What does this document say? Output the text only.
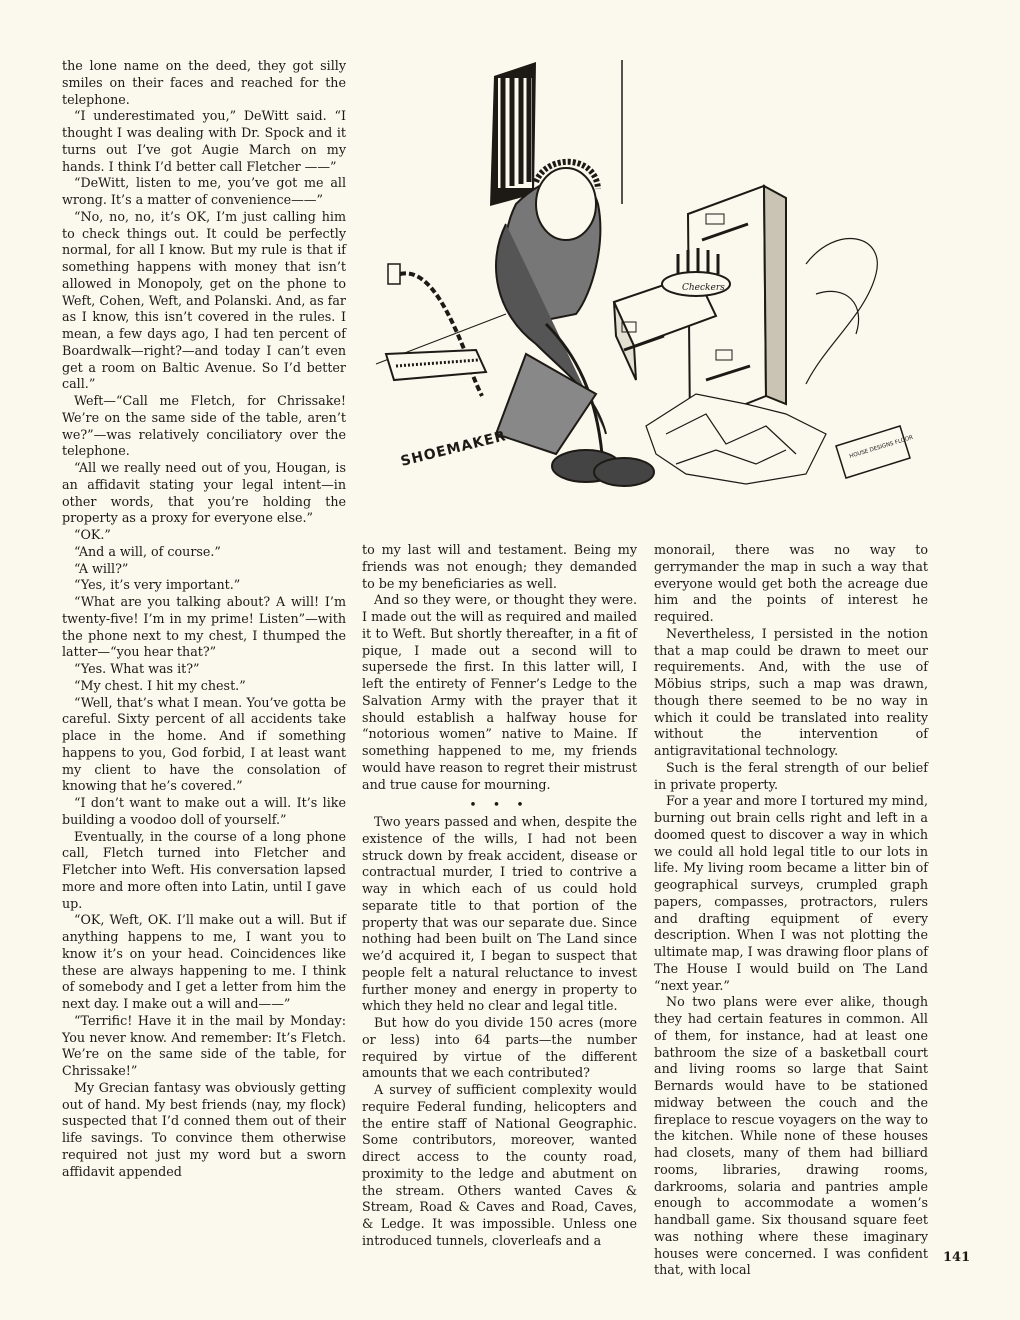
the lone name on the deed, they got silly smiles on their faces and reached for the telephone.

“I underestimated you,” DeWitt said. “I thought I was dealing with Dr. Spock and it turns out I’ve got Augie March on my hands. I think I’d better call Fletcher ——”

“DeWitt, listen to me, you’ve got me all wrong. It’s a matter of convenience——”

“No, no, no, it’s OK, I’m just calling him to check things out. It could be perfectly normal, for all I know. But my rule is that if something happens with money that isn’t allowed in Monopoly, get on the phone to Weft, Cohen, Weft, and Polanski. And, as far as I know, this isn’t covered in the rules. I mean, a few days ago, I had ten percent of Boardwalk—right?—and today I can’t even get a room on Baltic Avenue. So I’d better call.”

Weft—“Call me Fletch, for Chrissake! We’re on the same side of the table, aren’t we?”—was relatively conciliatory over the telephone.

“All we really need out of you, Hougan, is an affidavit stating your legal intent—in other words, that you’re holding the property as a proxy for everyone else.”

“OK.”

“And a will, of course.”

“A will?”

“Yes, it’s very important.”

“What are you talking about? A will! I’m twenty-five! I’m in my prime! Listen”—with the phone next to my chest, I thumped the latter—“you hear that?”

“Yes. What was it?”

“My chest. I hit my chest.”

“Well, that’s what I mean. You’ve gotta be careful. Sixty percent of all accidents take place in the home. And if something happens to you, God forbid, I at least want my client to have the consolation of knowing that he’s covered.”

“I don’t want to make out a will. It’s like building a voodoo doll of yourself.”

Eventually, in the course of a long phone call, Fletch turned into Fletcher and Fletcher into Weft. His conversation lapsed more and more often into Latin, until I gave up.

“OK, Weft, OK. I’ll make out a will. But if anything happens to me, I want you to know it’s on your head. Coincidences like these are always happening to me. I think of somebody and I get a letter from him the next day. I make out a will and——”

“Terrific! Have it in the mail by Monday: You never know. And remember: It’s Fletch. We’re on the same side of the table, for Chrissake!”

My Grecian fantasy was obviously getting out of hand. My best friends (nay, my flock) suspected that I’d conned them out of their life savings. To convince them otherwise required not just my word but a sworn affidavit appended

Checkers
HOUSE DESIGNS FLOOR
SHOEMAKER

to my last will and testament. Being my friends was not enough; they demanded to be my beneficiaries as well.

And so they were, or thought they were. I made out the will as required and mailed it to Weft. But shortly thereafter, in a fit of pique, I made out a second will to supersede the first. In this latter will, I left the entirety of Fenner’s Ledge to the Salvation Army with the prayer that it should establish a halfway house for “notorious women” native to Maine. If something happened to me, my friends would have reason to regret their mistrust and true cause for mourning.

• • •

Two years passed and when, despite the existence of the wills, I had not been struck down by freak accident, disease or contractual murder, I tried to contrive a way in which each of us could hold separate title to that portion of the property that was our separate due. Since nothing had been built on The Land since we’d acquired it, I began to suspect that people felt a natural reluctance to invest further money and energy in property to which they held no clear and legal title.

But how do you divide 150 acres (more or less) into 64 parts—the number required by virtue of the different amounts that we each contributed?

A survey of sufficient complexity would require Federal funding, helicopters and the entire staff of National Geographic. Some contributors, moreover, wanted direct access to the county road, proximity to the ledge and abutment on the stream. Others wanted Caves & Stream, Road & Caves and Road, Caves, & Ledge. It was impossible. Unless one introduced tunnels, cloverleafs and a

monorail, there was no way to gerrymander the map in such a way that everyone would get both the acreage due him and the points of interest he required.

Nevertheless, I persisted in the notion that a map could be drawn to meet our requirements. And, with the use of Möbius strips, such a map was drawn, though there seemed to be no way in which it could be translated into reality without the intervention of antigravitational technology.

Such is the feral strength of our belief in private property.

For a year and more I tortured my mind, burning out brain cells right and left in a doomed quest to discover a way in which we could all hold legal title to our lots in life. My living room became a litter bin of geographical surveys, crumpled graph papers, compasses, protractors, rulers and drafting equipment of every description. When I was not plotting the ultimate map, I was drawing floor plans of The House I would build on The Land “next year.”

No two plans were ever alike, though they had certain features in common. All of them, for instance, had at least one bathroom the size of a basketball court and living rooms so large that Saint Bernards would have to be stationed midway between the couch and the fireplace to rescue voyagers on the way to the kitchen. While none of these houses had closets, many of them had billiard rooms, libraries, drawing rooms, darkrooms, solaria and pantries ample enough to accommodate a women’s handball game. Six thousand square feet was nothing where these imaginary houses were concerned. I was confident that, with local

141
